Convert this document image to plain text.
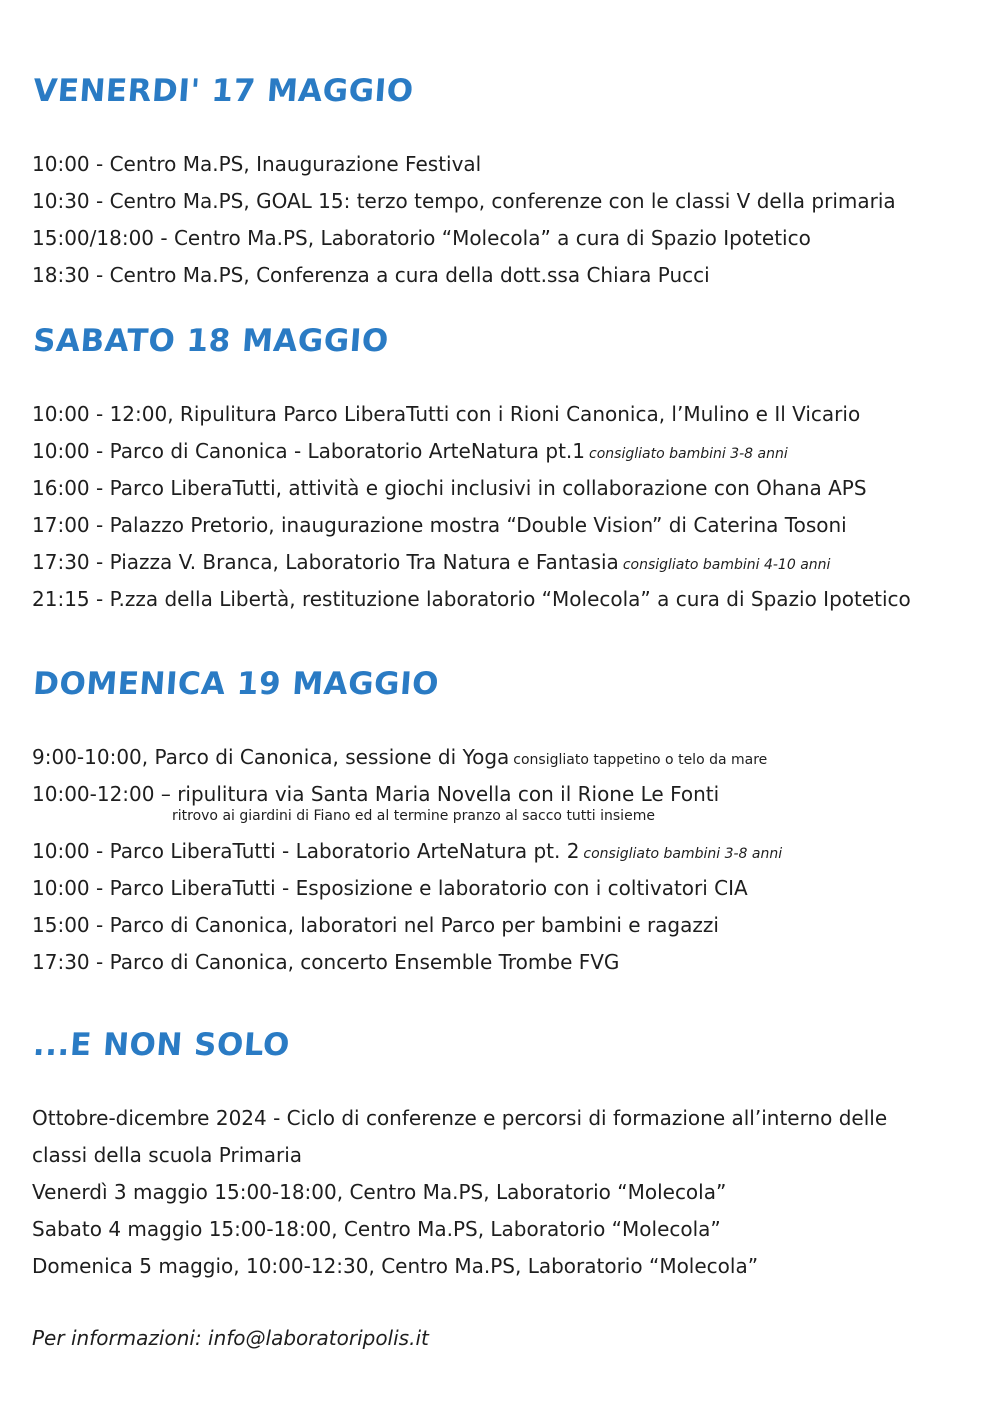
VENERDI' 17 MAGGIO
10:00 - Centro Ma.PS, Inaugurazione Festival
10:30 - Centro Ma.PS, GOAL 15: terzo tempo, conferenze con le classi V della primaria
15:00/18:00 - Centro Ma.PS, Laboratorio “Molecola” a cura di Spazio Ipotetico
18:30 - Centro Ma.PS, Conferenza a cura della dott.ssa Chiara Pucci
SABATO 18 MAGGIO
10:00 - 12:00, Ripulitura Parco LiberaTutti con i Rioni Canonica, l’Mulino e Il Vicario
10:00 - Parco di Canonica - Laboratorio ArteNatura pt.1 consigliato bambini 3-8 anni
16:00 - Parco LiberaTutti, attività e giochi inclusivi in collaborazione con Ohana APS
17:00 - Palazzo Pretorio, inaugurazione mostra “Double Vision” di Caterina Tosoni
17:30 - Piazza V. Branca, Laboratorio Tra Natura e Fantasia consigliato bambini 4-10 anni
21:15 - P.zza della Libertà, restituzione laboratorio “Molecola” a cura di Spazio Ipotetico
DOMENICA 19 MAGGIO
9:00-10:00, Parco di Canonica, sessione di Yoga consigliato tappetino o telo da mare
10:00-12:00 – ripulitura via Santa Maria Novella con il Rione Le Fonti
ritrovo ai giardini di Fiano ed al termine pranzo al sacco tutti insieme
10:00 - Parco LiberaTutti - Laboratorio ArteNatura pt. 2 consigliato bambini 3-8 anni
10:00 - Parco LiberaTutti - Esposizione e laboratorio con i coltivatori CIA
15:00 - Parco di Canonica, laboratori nel Parco per bambini e ragazzi
17:30 - Parco di Canonica, concerto Ensemble Trombe FVG
...E NON SOLO
Ottobre-dicembre 2024 - Ciclo di conferenze e percorsi di formazione all’interno delle
classi della scuola Primaria
Venerdì 3 maggio 15:00-18:00, Centro Ma.PS, Laboratorio “Molecola”
Sabato 4 maggio 15:00-18:00, Centro Ma.PS, Laboratorio “Molecola”
Domenica 5 maggio, 10:00-12:30, Centro Ma.PS, Laboratorio “Molecola”
Per informazioni: info@laboratoripolis.it
